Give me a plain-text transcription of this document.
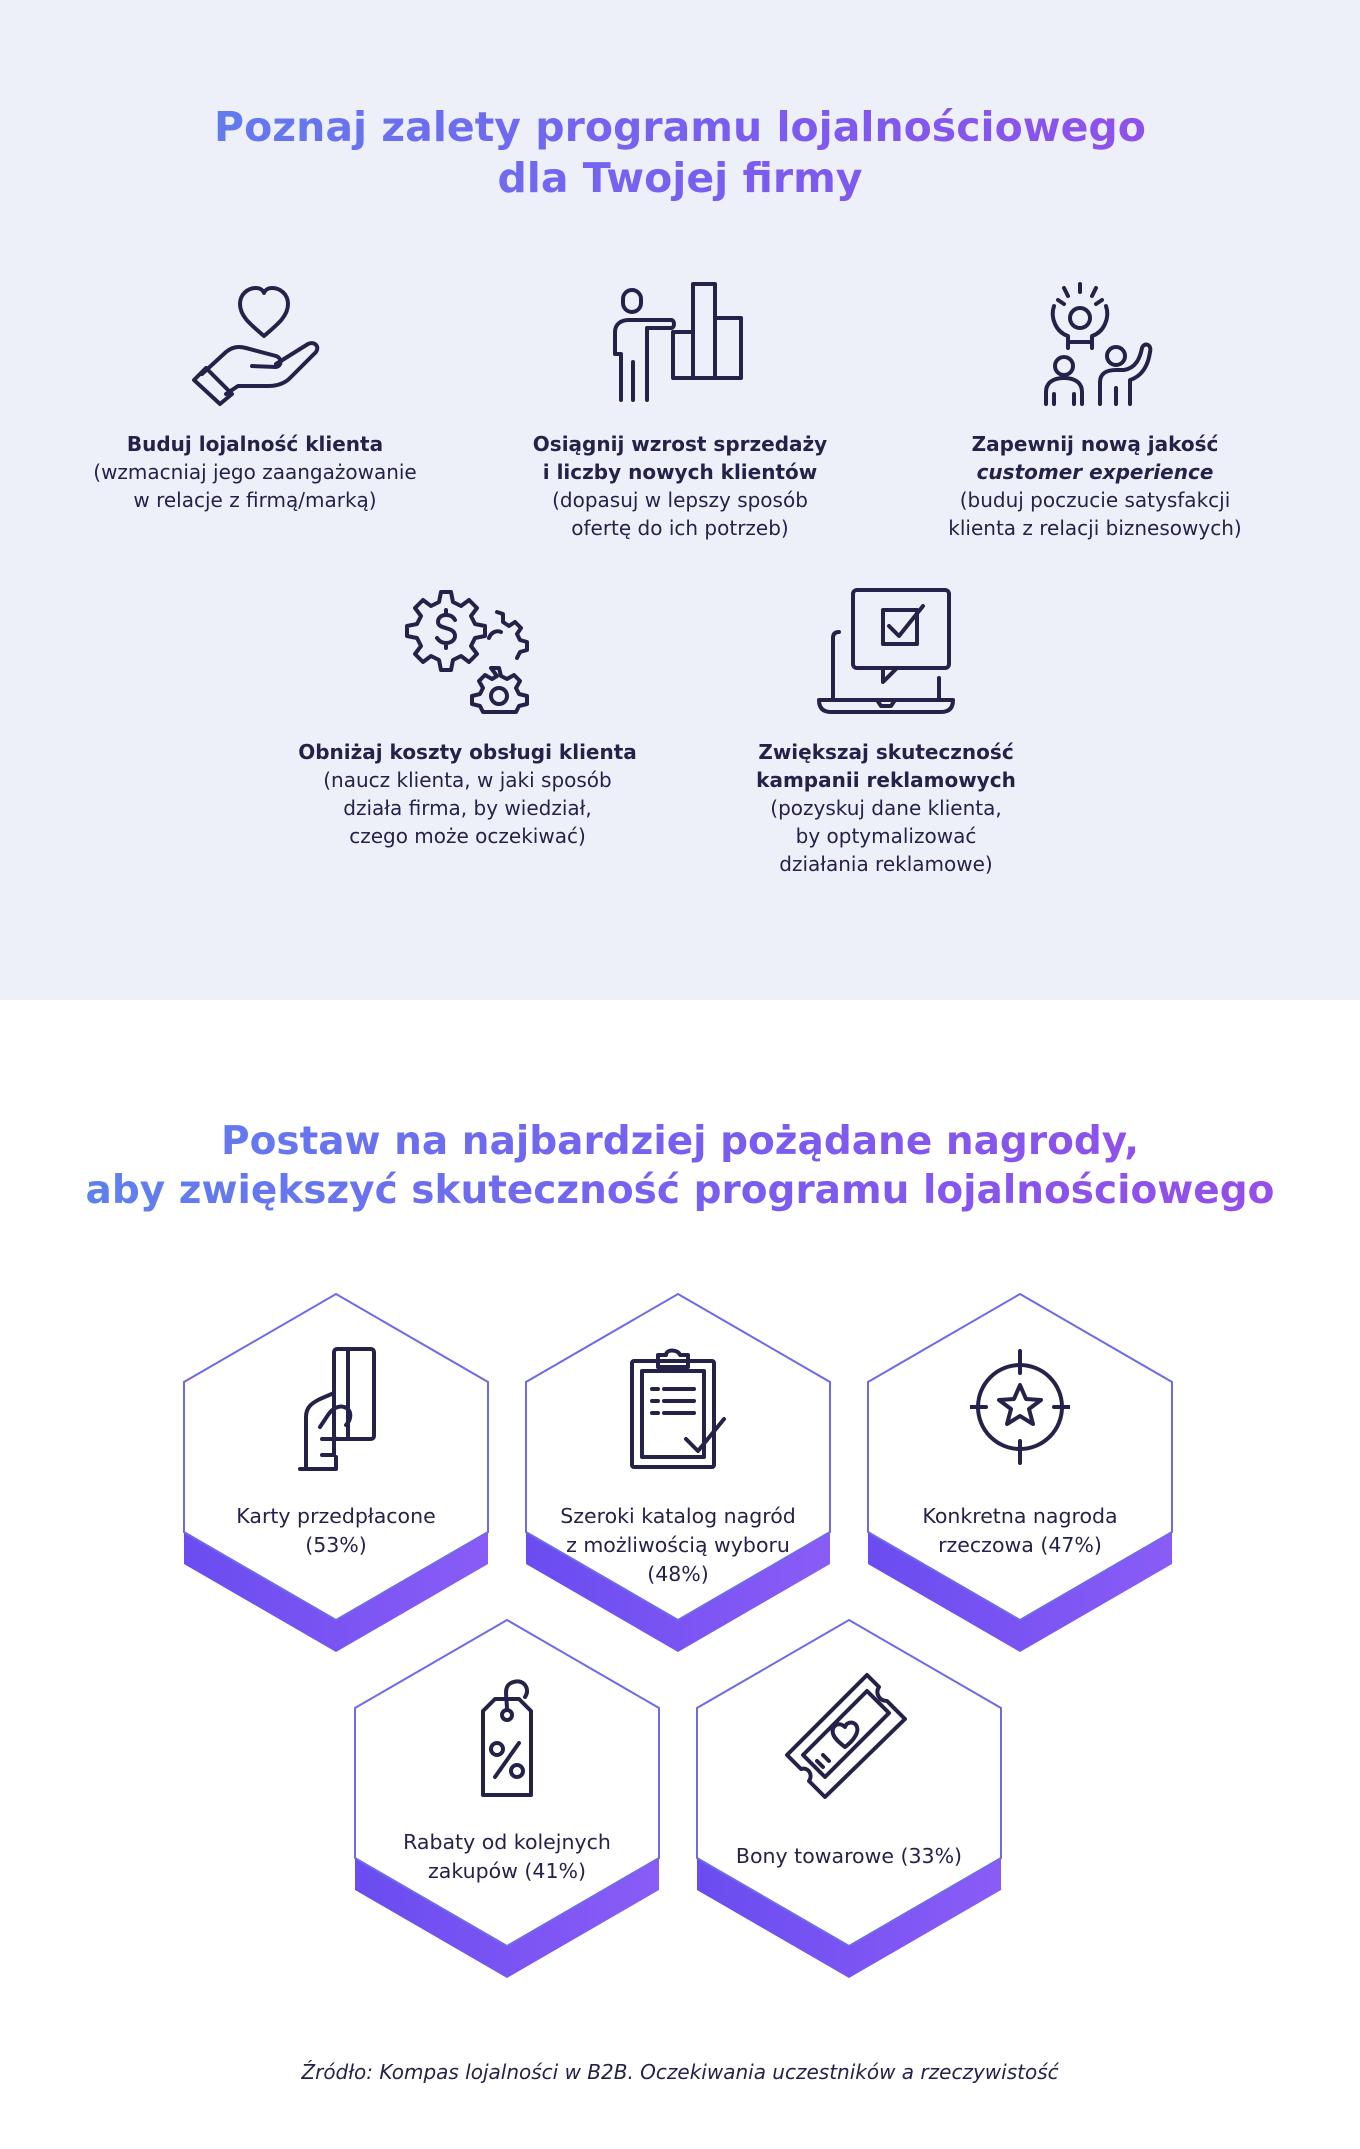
Poznaj zalety programu lojalnościowego
dla Twojej firmy
Buduj lojalność klienta
(wzmacniaj jego zaangażowanie
w relacje z firmą/marką)
Osiągnij wzrost sprzedaży
i liczby nowych klientów
(dopasuj w lepszy sposób
ofertę do ich potrzeb)
Zapewnij nową jakość
customer experience
(buduj poczucie satysfakcji
klienta z relacji biznesowych)
Obniżaj koszty obsługi klienta
(naucz klienta, w jaki sposób
działa firma, by wiedział,
czego może oczekiwać)
Zwiększaj skuteczność
kampanii reklamowych
(pozyskuj dane klienta,
by optymalizować
działania reklamowe)
Postaw na najbardziej pożądane nagrody,
aby zwiększyć skuteczność programu lojalnościowego
Karty przedpłacone
(53%)
Szeroki katalog nagród
z możliwością wyboru
(48%)
Konkretna nagroda
rzeczowa (47%)
Rabaty od kolejnych
zakupów (41%)
Bony towarowe (33%)
Źródło: Kompas lojalności w B2B. Oczekiwania uczestników a rzeczywistość
